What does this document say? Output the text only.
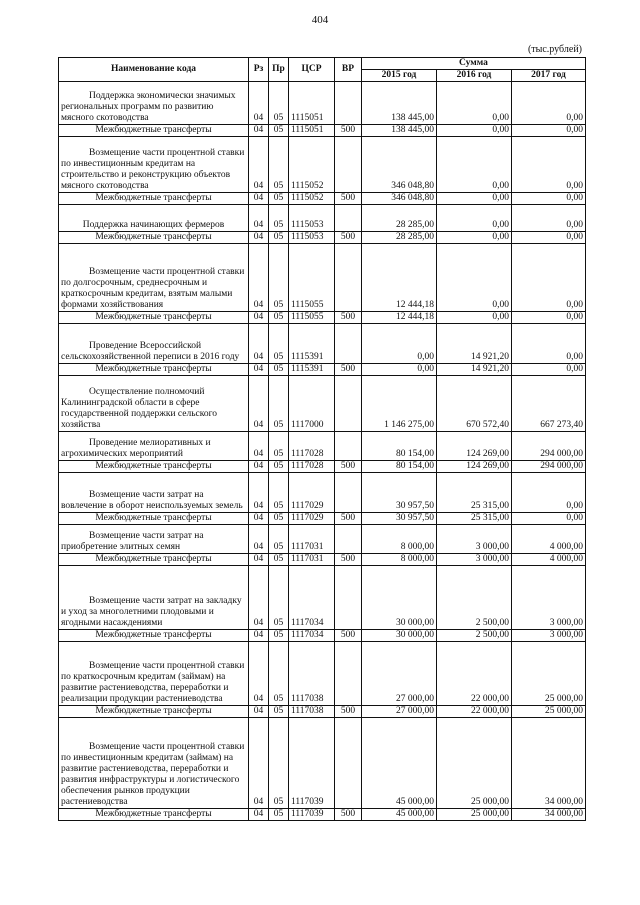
404
(тыс.рублей)
Наименование кода	Рз	Пр	ЦСР	ВР	Сумма		
					2015 год	2016 год	2017 год
Поддержка экономически значимых региональных программ по развитию мясного скотоводства	04	05	1115051		138 445,00	0,00	0,00
Межбюджетные трансферты	04	05	1115051	500	138 445,00	0,00	0,00
Возмещение части процентной ставки по инвестиционным кредитам на строительство и реконструкцию объектов мясного скотоводства	04	05	1115052		346 048,80	0,00	0,00
Межбюджетные трансферты	04	05	1115052	500	346 048,80	0,00	0,00
Поддержка начинающих фермеров	04	05	1115053		28 285,00	0,00	0,00
Межбюджетные трансферты	04	05	1115053	500	28 285,00	0,00	0,00
Возмещение части процентной ставки по долгосрочным, среднесрочным и краткосрочным кредитам, взятым малыми формами хозяйствования	04	05	1115055		12 444,18	0,00	0,00
Межбюджетные трансферты	04	05	1115055	500	12 444,18	0,00	0,00
Проведение Всероссийской сельскохозяйственной переписи в 2016 году	04	05	1115391		0,00	14 921,20	0,00
Межбюджетные трансферты	04	05	1115391	500	0,00	14 921,20	0,00
Осуществление полномочий Калининградской области в сфере государственной поддержки сельского хозяйства	04	05	1117000		1 146 275,00	670 572,40	667 273,40
Проведение мелиоративных и агрохимических мероприятий	04	05	1117028		80 154,00	124 269,00	294 000,00
Межбюджетные трансферты	04	05	1117028	500	80 154,00	124 269,00	294 000,00
Возмещение части затрат на вовлечение в оборот неиспользуемых земель	04	05	1117029		30 957,50	25 315,00	0,00
Межбюджетные трансферты	04	05	1117029	500	30 957,50	25 315,00	0,00
Возмещение части затрат на приобретение элитных семян	04	05	1117031		8 000,00	3 000,00	4 000,00
Межбюджетные трансферты	04	05	1117031	500	8 000,00	3 000,00	4 000,00
Возмещение части затрат на закладку и уход за многолетними плодовыми и ягодными насаждениями	04	05	1117034		30 000,00	2 500,00	3 000,00
Межбюджетные трансферты	04	05	1117034	500	30 000,00	2 500,00	3 000,00
Возмещение части процентной ставки по краткосрочным кредитам (займам) на развитие растениеводства, переработки и реализации продукции растениеводства	04	05	1117038		27 000,00	22 000,00	25 000,00
Межбюджетные трансферты	04	05	1117038	500	27 000,00	22 000,00	25 000,00
Возмещение части процентной ставки по инвестиционным кредитам (займам) на развитие растениеводства, переработки и развития инфраструктуры и логистического обеспечения рынков продукции растениеводства	04	05	1117039		45 000,00	25 000,00	34 000,00
Межбюджетные трансферты	04	05	1117039	500	45 000,00	25 000,00	34 000,00
